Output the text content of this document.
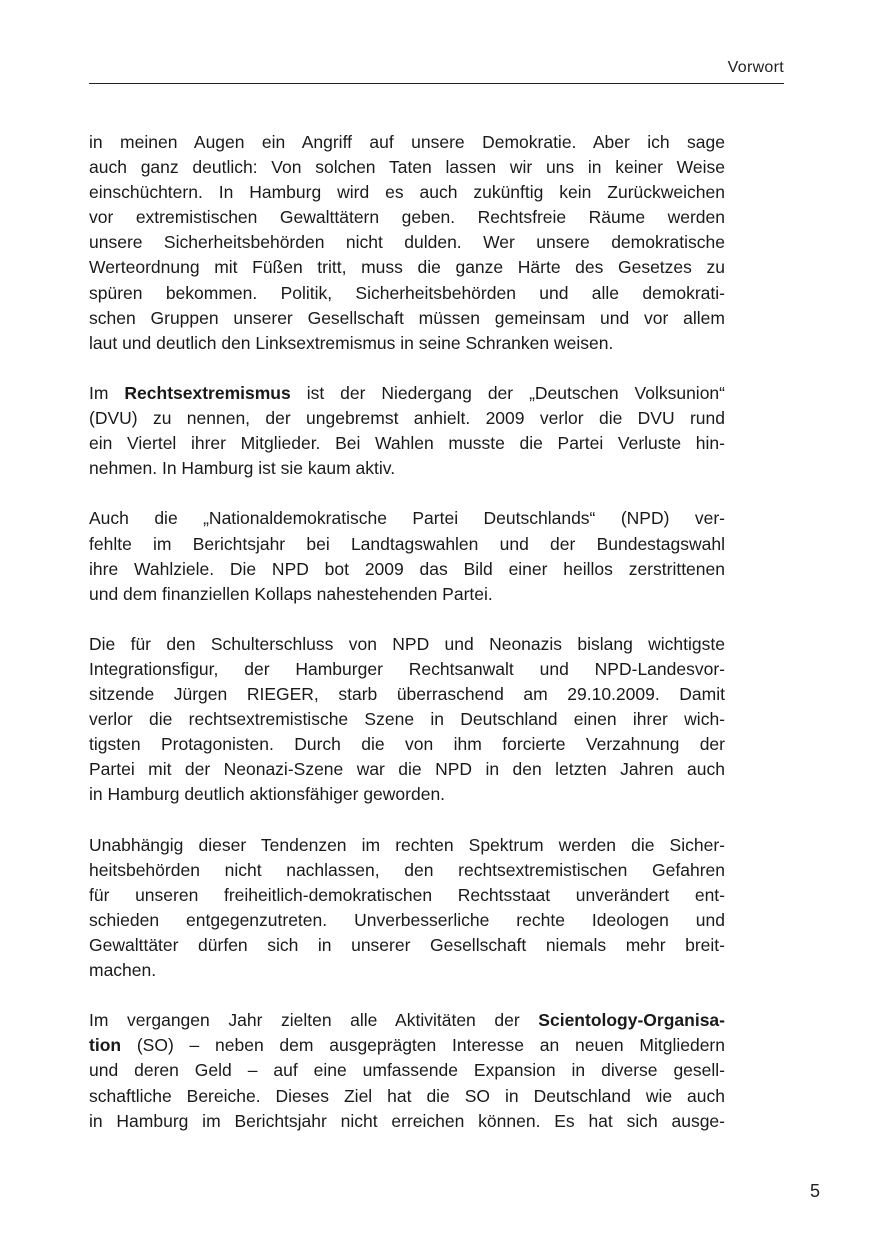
Vorwort
in meinen Augen ein Angriff auf unsere Demokratie. Aber ich sage
auch ganz deutlich: Von solchen Taten lassen wir uns in keiner Weise
einschüchtern. In Hamburg wird es auch zukünftig kein Zurückweichen
vor extremistischen Gewalttätern geben. Rechtsfreie Räume werden
unsere Sicherheitsbehörden nicht dulden. Wer unsere demokratische
Werteordnung mit Füßen tritt, muss die ganze Härte des Gesetzes zu
spüren bekommen. Politik, Sicherheitsbehörden und alle demokrati-
schen Gruppen unserer Gesellschaft müssen gemeinsam und vor allem
laut und deutlich den Linksextremismus in seine Schranken weisen.
Im Rechtsextremismus ist der Niedergang der „Deutschen Volksunion“
(DVU) zu nennen, der ungebremst anhielt. 2009 verlor die DVU rund
ein Viertel ihrer Mitglieder. Bei Wahlen musste die Partei Verluste hin-
nehmen. In Hamburg ist sie kaum aktiv.
Auch die „Nationaldemokratische Partei Deutschlands“ (NPD) ver-
fehlte im Berichtsjahr bei Landtagswahlen und der Bundestagswahl
ihre Wahlziele. Die NPD bot 2009 das Bild einer heillos zerstrittenen
und dem finanziellen Kollaps nahestehenden Partei.
Die für den Schulterschluss von NPD und Neonazis bislang wichtigste
Integrationsfigur, der Hamburger Rechtsanwalt und NPD-Landesvor-
sitzende Jürgen RIEGER, starb überraschend am 29.10.2009. Damit
verlor die rechtsextremistische Szene in Deutschland einen ihrer wich-
tigsten Protagonisten. Durch die von ihm forcierte Verzahnung der
Partei mit der Neonazi-Szene war die NPD in den letzten Jahren auch
in Hamburg deutlich aktionsfähiger geworden.
Unabhängig dieser Tendenzen im rechten Spektrum werden die Sicher-
heitsbehörden nicht nachlassen, den rechtsextremistischen Gefahren
für unseren freiheitlich-demokratischen Rechtsstaat unverändert ent-
schieden entgegenzutreten. Unverbesserliche rechte Ideologen und
Gewalttäter dürfen sich in unserer Gesellschaft niemals mehr breit-
machen.
Im vergangen Jahr zielten alle Aktivitäten der Scientology-Organisa-
tion (SO) – neben dem ausgeprägten Interesse an neuen Mitgliedern
und deren Geld – auf eine umfassende Expansion in diverse gesell-
schaftliche Bereiche. Dieses Ziel hat die SO in Deutschland wie auch
in Hamburg im Berichtsjahr nicht erreichen können. Es hat sich ausge-
5
